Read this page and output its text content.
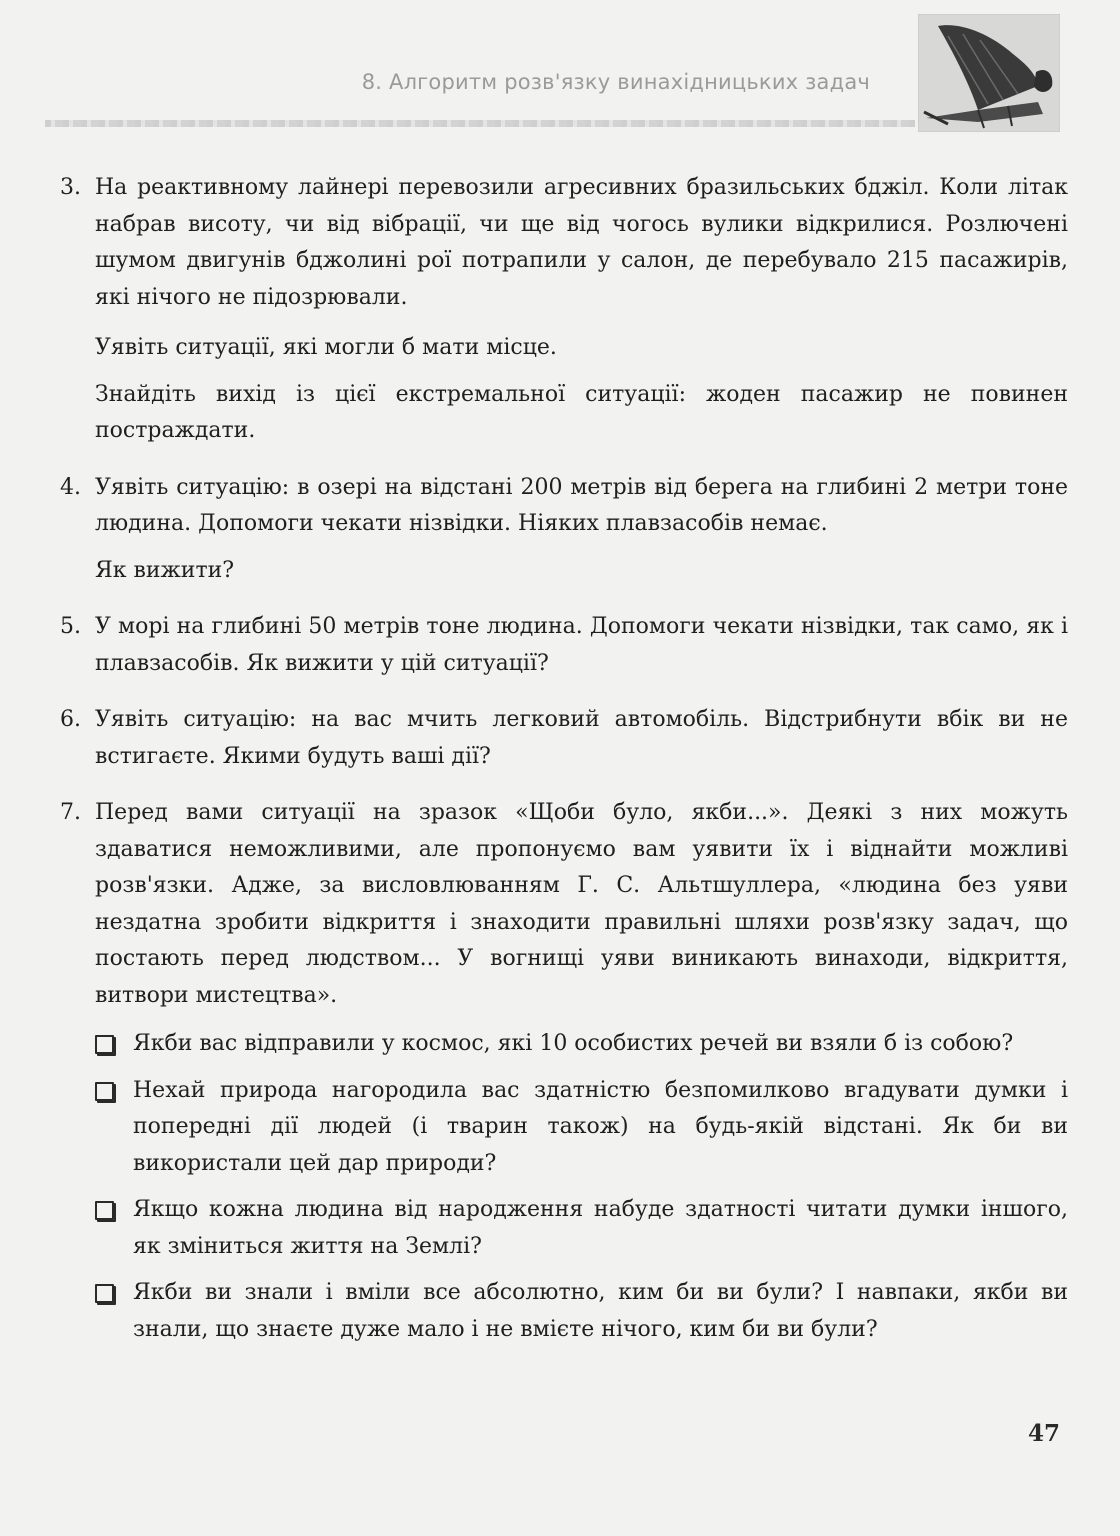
8. Алгоритм розв'язку винахідницьких задач
3. На реактивному лайнері перевозили агресивних бразильських бджіл. Коли літак набрав висоту, чи від вібрації, чи ще від чогось вулики відкрилися. Розлючені шумом двигунів бджолині рої потрапили у салон, де перебувало 215 пасажирів, які нічого не підозрювали.

Уявіть ситуації, які могли б мати місце.

Знайдіть вихід із цієї екстремальної ситуації: жоден пасажир не повинен постраждати.

4. Уявіть ситуацію: в озері на відстані 200 метрів від берега на глибині 2 метри тоне людина. Допомоги чекати нізвідки. Ніяких плавзасобів немає.

Як вижити?

5. У морі на глибині 50 метрів тоне людина. Допомоги чекати нізвідки, так само, як і плавзасобів. Як вижити у цій ситуації?

6. Уявіть ситуацію: на вас мчить легковий автомобіль. Відстрибнути вбік ви не встигаєте. Якими будуть ваші дії?

7. Перед вами ситуації на зразок «Щоби було, якби...». Деякі з них можуть здаватися неможливими, але пропонуємо вам уявити їх і віднайти можливі розв'язки. Адже, за висловлюванням Г. С. Альтшуллера, «людина без уяви нездатна зробити відкриття і знаходити правильні шляхи розв'язку задач, що постають перед людством... У вогнищі уяви виникають винаходи, відкриття, витвори мистецтва».

Якби вас відправили у космос, які 10 особистих речей ви взяли б із собою?
Нехай природа нагородила вас здатністю безпомилково вгадувати думки і попередні дії людей (і тварин також) на будь-якій відстані. Як би ви використали цей дар природи?
Якщо кожна людина від народження набуде здатності читати думки іншого, як зміниться життя на Землі?
Якби ви знали і вміли все абсолютно, ким би ви були? І навпаки, якби ви знали, що знаєте дуже мало і не вмієте нічого, ким би ви були?
47
